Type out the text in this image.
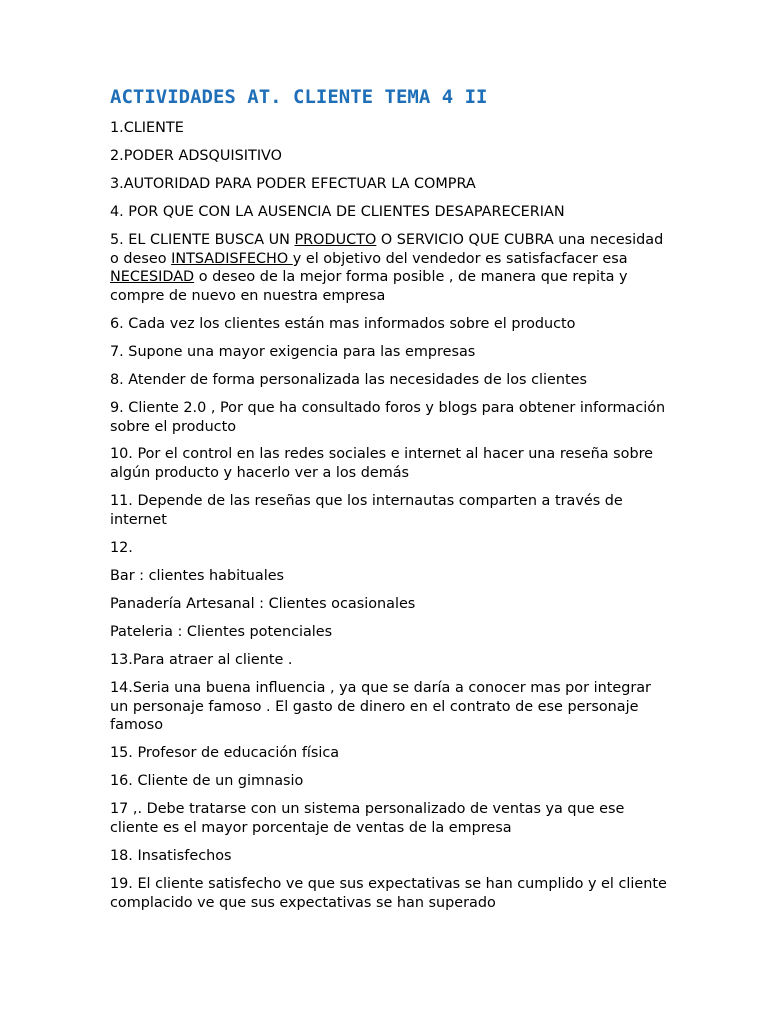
ACTIVIDADES AT. CLIENTE TEMA 4 II

1.CLIENTE

2.PODER ADSQUISITIVO

3.AUTORIDAD PARA PODER EFECTUAR LA COMPRA

4. POR QUE CON LA AUSENCIA DE CLIENTES DESAPARECERIAN

5. EL CLIENTE BUSCA UN PRODUCTO O SERVICIO QUE CUBRA una necesidad o deseo INTSADISFECHO y el objetivo del vendedor es satisfacfacer esa NECESIDAD o deseo de la mejor forma posible , de manera que repita y compre de nuevo en nuestra empresa

6. Cada vez los clientes están mas informados sobre el producto

7. Supone una mayor exigencia para las empresas

8. Atender de forma personalizada las necesidades de los clientes

9. Cliente 2.0 , Por que ha consultado foros y blogs para obtener información sobre el producto

10. Por el control en las redes sociales e internet al hacer una reseña sobre algún producto y hacerlo ver a los demás

11. Depende de las reseñas que los internautas comparten a través de internet

12.

Bar : clientes habituales

Panadería Artesanal : Clientes ocasionales

Pateleria : Clientes potenciales

13.Para atraer al cliente .

14.Seria una buena influencia , ya que se daría a conocer mas por integrar un personaje famoso . El gasto de dinero en el contrato de ese personaje famoso

15. Profesor de educación física

16. Cliente de un gimnasio

17 ,. Debe tratarse con un sistema personalizado de ventas ya que ese cliente es el mayor porcentaje de ventas de la empresa

18. Insatisfechos

19. El cliente satisfecho ve que sus expectativas se han cumplido y el cliente complacido ve que sus expectativas se han superado
